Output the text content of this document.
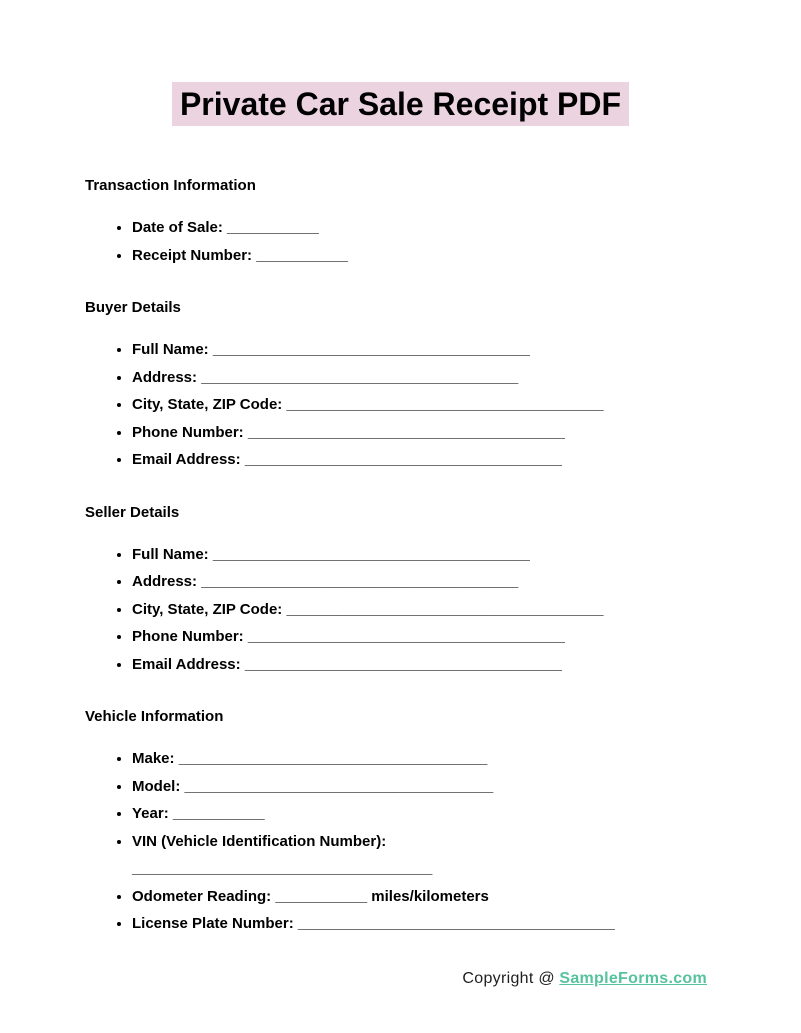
Private Car Sale Receipt PDF
Transaction Information
• Date of Sale: ___________
• Receipt Number: ___________
Buyer Details
• Full Name: ______________________________________
• Address: ______________________________________
• City, State, ZIP Code: ______________________________________
• Phone Number: ______________________________________
• Email Address: ______________________________________
Seller Details
• Full Name: ______________________________________
• Address: ______________________________________
• City, State, ZIP Code: ______________________________________
• Phone Number: ______________________________________
• Email Address: ______________________________________
Vehicle Information
• Make: _____________________________________
• Model: _____________________________________
• Year: ___________
• VIN (Vehicle Identification Number):
____________________________________
• Odometer Reading: ___________ miles/kilometers
• License Plate Number: ______________________________________
Copyright @ SampleForms.com
